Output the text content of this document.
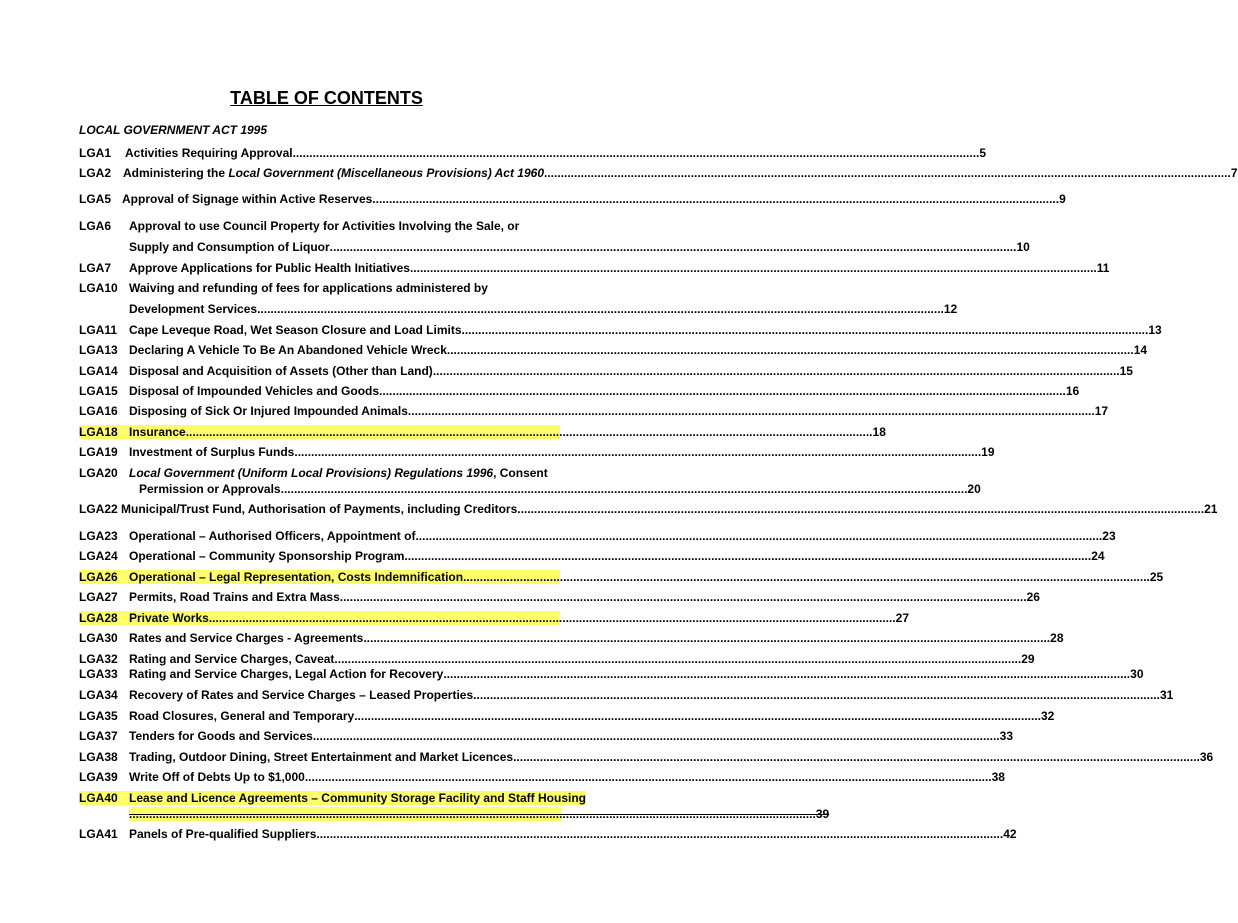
TABLE OF CONTENTS
LOCAL GOVERNMENT ACT 1995
LGA1 Activities Requiring Approval .............................................................................................................................................................................................................. 5
LGA2 Administering the Local Government (Miscellaneous Provisions) Act 1960 .............................................................................................................................................................................................................. 7
LGA5 Approval of Signage within Active Reserves .............................................................................................................................................................................................................. 9
LGA6 Approval to use Council Property for Activities Involving the Sale, or
Supply and Consumption of Liquor .............................................................................................................................................................................................................. 10
LGA7 Approve Applications for Public Health Initiatives .............................................................................................................................................................................................................. 11
LGA10 Waiving and refunding of fees for applications administered by
Development Services .............................................................................................................................................................................................................. 12
LGA11 Cape Leveque Road, Wet Season Closure and Load Limits .............................................................................................................................................................................................................. 13
LGA13 Declaring A Vehicle To Be An Abandoned Vehicle Wreck .............................................................................................................................................................................................................. 14
LGA14 Disposal and Acquisition of Assets (Other than Land) .............................................................................................................................................................................................................. 15
LGA15 Disposal of Impounded Vehicles and Goods .............................................................................................................................................................................................................. 16
LGA16 Disposing of Sick Or Injured Impounded Animals .............................................................................................................................................................................................................. 17
LGA18 Insurance .............................................................................................................................................................................................................. 18
LGA19 Investment of Surplus Funds .............................................................................................................................................................................................................. 19
LGA20 Local Government (Uniform Local Provisions) Regulations 1996, Consent
Permission or Approvals .............................................................................................................................................................................................................. 20
LGA22 Municipal/Trust Fund, Authorisation of Payments, including Creditors .............................................................................................................................................................................................................. 21
LGA23 Operational – Authorised Officers, Appointment of .............................................................................................................................................................................................................. 23
LGA24 Operational – Community Sponsorship Program .............................................................................................................................................................................................................. 24
LGA26 Operational – Legal Representation, Costs Indemnification .............................................................................................................................................................................................................. 25
LGA27 Permits, Road Trains and Extra Mass .............................................................................................................................................................................................................. 26
LGA28 Private Works .............................................................................................................................................................................................................. 27
LGA30 Rates and Service Charges - Agreements .............................................................................................................................................................................................................. 28
LGA32 Rating and Service Charges, Caveat .............................................................................................................................................................................................................. 29
LGA33 Rating and Service Charges, Legal Action for Recovery .............................................................................................................................................................................................................. 30
LGA34 Recovery of Rates and Service Charges – Leased Properties .............................................................................................................................................................................................................. 31
LGA35 Road Closures, General and Temporary .............................................................................................................................................................................................................. 32
LGA37 Tenders for Goods and Services .............................................................................................................................................................................................................. 33
LGA38 Trading, Outdoor Dining, Street Entertainment and Market Licences .............................................................................................................................................................................................................. 36
LGA39 Write Off of Debts Up to $1,000 .............................................................................................................................................................................................................. 38
LGA40 Lease and Licence Agreements – Community Storage Facility and Staff Housing
.............................................................................................................................................................................................................. 39
LGA41 Panels of Pre-qualified Suppliers .............................................................................................................................................................................................................. 42
